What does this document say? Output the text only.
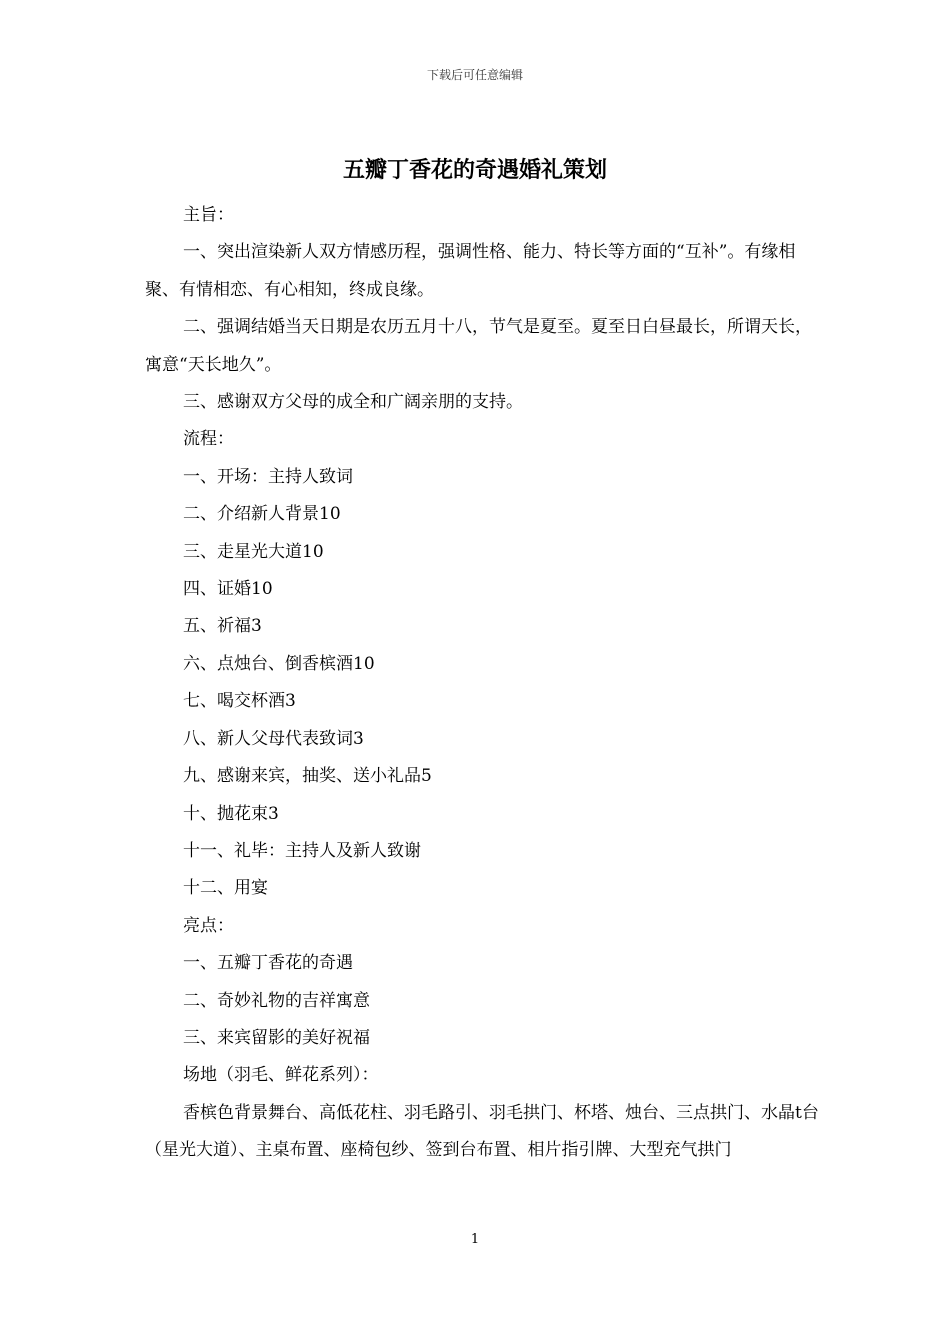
下载后可任意编辑
五瓣丁香花的奇遇婚礼策划

主旨：

一、突出渲染新人双方情感历程，强调性格、能力、特长等方面的“互补”。有缘相聚、有情相恋、有心相知，终成良缘。

二、强调结婚当天日期是农历五月十八，节气是夏至。夏至日白昼最长，所谓天长，寓意“天长地久”。

三、感谢双方父母的成全和广阔亲朋的支持。

流程：

一、开场：主持人致词

二、介绍新人背景10

三、走星光大道10

四、证婚10

五、祈福3

六、点烛台、倒香槟酒10

七、喝交杯酒3

八、新人父母代表致词3

九、感谢来宾，抽奖、送小礼品5

十、抛花束3

十一、礼毕：主持人及新人致谢

十二、用宴

亮点：

一、五瓣丁香花的奇遇

二、奇妙礼物的吉祥寓意

三、来宾留影的美好祝福

场地（羽毛、鲜花系列）：

香槟色背景舞台、高低花柱、羽毛路引、羽毛拱门、杯塔、烛台、三点拱门、水晶t台（星光大道）、主桌布置、座椅包纱、签到台布置、相片指引牌、大型充气拱门

1
